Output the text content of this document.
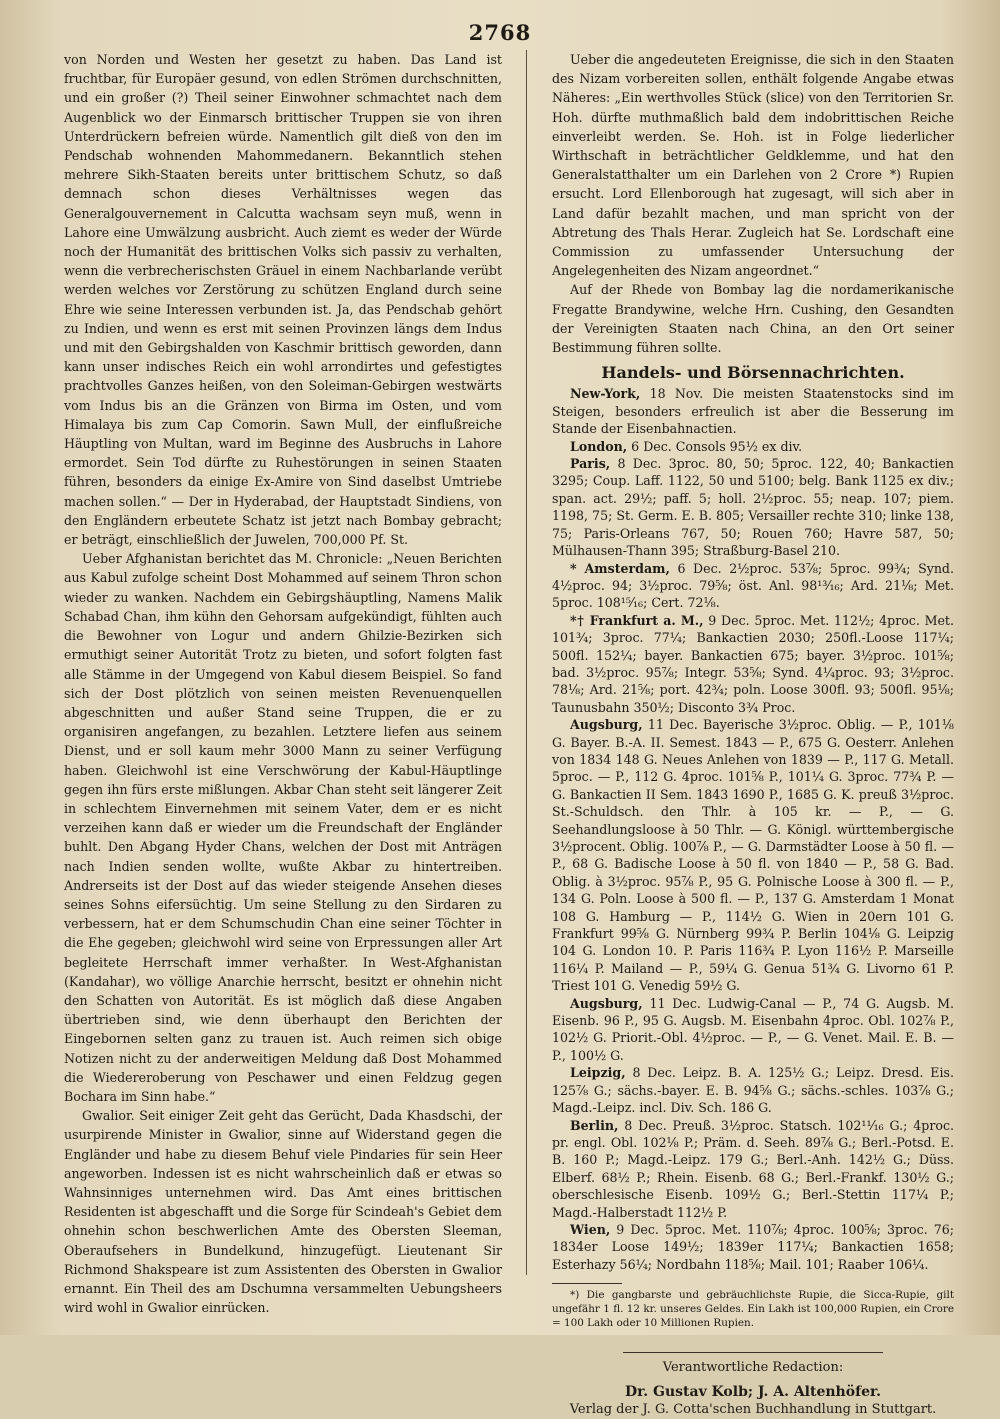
2768

von Norden und Westen her gesetzt zu haben. Das Land ist fruchtbar, für Europäer gesund, von edlen Strömen durchschnitten, und ein großer (?) Theil seiner Einwohner schmachtet nach dem Augenblick wo der Einmarsch brittischer Truppen sie von ihren Unterdrückern befreien würde. Namentlich gilt dieß von den im Pendschab wohnenden Mahommedanern. Bekanntlich stehen mehrere Sikh-Staaten bereits unter brittischem Schutz, so daß demnach schon dieses Verhältnisses wegen das Generalgouvernement in Calcutta wachsam seyn muß, wenn in Lahore eine Umwälzung ausbricht. Auch ziemt es weder der Würde noch der Humanität des brittischen Volks sich passiv zu verhalten, wenn die verbrecherischsten Gräuel in einem Nachbarlande verübt werden welches vor Zerstörung zu schützen England durch seine Ehre wie seine Interessen verbunden ist. Ja, das Pendschab gehört zu Indien, und wenn es erst mit seinen Provinzen längs dem Indus und mit den Gebirgshalden von Kaschmir brittisch geworden, dann kann unser indisches Reich ein wohl arrondirtes und gefestigtes prachtvolles Ganzes heißen, von den Soleiman-Gebirgen westwärts vom Indus bis an die Gränzen von Birma im Osten, und vom Himalaya bis zum Cap Comorin. Sawn Mull, der einflußreiche Häuptling von Multan, ward im Beginne des Ausbruchs in Lahore ermordet. Sein Tod dürfte zu Ruhestörungen in seinen Staaten führen, besonders da einige Ex-Amire von Sind daselbst Umtriebe machen sollen.“ — Der in Hyderabad, der Hauptstadt Sindiens, von den Engländern erbeutete Schatz ist jetzt nach Bombay gebracht; er beträgt, einschließlich der Juwelen, 700,000 Pf. St.

Ueber Afghanistan berichtet das M. Chronicle: „Neuen Berichten aus Kabul zufolge scheint Dost Mohammed auf seinem Thron schon wieder zu wanken. Nachdem ein Gebirgshäuptling, Namens Malik Schabad Chan, ihm kühn den Gehorsam aufgekündigt, fühlten auch die Bewohner von Logur und andern Ghilzie-Bezirken sich ermuthigt seiner Autorität Trotz zu bieten, und sofort folgten fast alle Stämme in der Umgegend von Kabul diesem Beispiel. So fand sich der Dost plötzlich von seinen meisten Revenuenquellen abgeschnitten und außer Stand seine Truppen, die er zu organisiren angefangen, zu bezahlen. Letztere liefen aus seinem Dienst, und er soll kaum mehr 3000 Mann zu seiner Verfügung haben. Gleichwohl ist eine Verschwörung der Kabul-Häuptlinge gegen ihn fürs erste mißlungen. Akbar Chan steht seit längerer Zeit in schlechtem Einvernehmen mit seinem Vater, dem er es nicht verzeihen kann daß er wieder um die Freundschaft der Engländer buhlt. Den Abgang Hyder Chans, welchen der Dost mit Anträgen nach Indien senden wollte, wußte Akbar zu hintertreiben. Andrerseits ist der Dost auf das wieder steigende Ansehen dieses seines Sohns eifersüchtig. Um seine Stellung zu den Sirdaren zu verbessern, hat er dem Schumschudin Chan eine seiner Töchter in die Ehe gegeben; gleichwohl wird seine von Erpressungen aller Art begleitete Herrschaft immer verhaßter. In West-Afghanistan (Kandahar), wo völlige Anarchie herrscht, besitzt er ohnehin nicht den Schatten von Autorität. Es ist möglich daß diese Angaben übertrieben sind, wie denn überhaupt den Berichten der Eingebornen selten ganz zu trauen ist. Auch reimen sich obige Notizen nicht zu der anderweitigen Meldung daß Dost Mohammed die Wiedereroberung von Peschawer und einen Feldzug gegen Bochara im Sinn habe.“

Gwalior. Seit einiger Zeit geht das Gerücht, Dada Khasdschi, der usurpirende Minister in Gwalior, sinne auf Widerstand gegen die Engländer und habe zu diesem Behuf viele Pindaries für sein Heer angeworben. Indessen ist es nicht wahrscheinlich daß er etwas so Wahnsinniges unternehmen wird. Das Amt eines brittischen Residenten ist abgeschafft und die Sorge für Scindeah's Gebiet dem ohnehin schon beschwerlichen Amte des Obersten Sleeman, Oberaufsehers in Bundelkund, hinzugefügt. Lieutenant Sir Richmond Shakspeare ist zum Assistenten des Obersten in Gwalior ernannt. Ein Theil des am Dschumna versammelten Uebungsheers wird wohl in Gwalior einrücken.

Ueber die angedeuteten Ereignisse, die sich in den Staaten des Nizam vorbereiten sollen, enthält folgende Angabe etwas Näheres: „Ein werthvolles Stück (slice) von den Territorien Sr. Hoh. dürfte muthmaßlich bald dem indobrittischen Reiche einverleibt werden. Se. Hoh. ist in Folge liederlicher Wirthschaft in beträchtlicher Geldklemme, und hat den Generalstatthalter um ein Darlehen von 2 Crore *) Rupien ersucht. Lord Ellenborough hat zugesagt, will sich aber in Land dafür bezahlt machen, und man spricht von der Abtretung des Thals Herar. Zugleich hat Se. Lordschaft eine Commission zu umfassender Untersuchung der Angelegenheiten des Nizam angeordnet.“

Auf der Rhede von Bombay lag die nordamerikanische Fregatte Brandywine, welche Hrn. Cushing, den Gesandten der Vereinigten Staaten nach China, an den Ort seiner Bestimmung führen sollte.

Handels- und Börsennachrichten.

New-York, 18 Nov. Die meisten Staatenstocks sind im Steigen, besonders erfreulich ist aber die Besserung im Stande der Eisenbahnactien.

London, 6 Dec. Consols 95½ ex div.

Paris, 8 Dec. 3proc. 80, 50; 5proc. 122, 40; Bankactien 3295; Coup. Laff. 1122, 50 und 5100; belg. Bank 1125 ex div.; span. act. 29½; paff. 5; holl. 2½proc. 55; neap. 107; piem. 1198, 75; St. Germ. E. B. 805; Versailler rechte 310; linke 138, 75; Paris-Orleans 767, 50; Rouen 760; Havre 587, 50; Mülhausen-Thann 395; Straßburg-Basel 210.

* Amsterdam, 6 Dec. 2½proc. 53⅞; 5proc. 99¾; Synd. 4½proc. 94; 3½proc. 79⅝; öst. Anl. 98¹³⁄₁₆; Ard. 21⅛; Met. 5proc. 108¹⁵⁄₁₆; Cert. 72⅛.

*† Frankfurt a. M., 9 Dec. 5proc. Met. 112½; 4proc. Met. 101¾; 3proc. 77¼; Bankactien 2030; 250fl.-Loose 117¼; 500fl. 152¼; bayer. Bankactien 675; bayer. 3½proc. 101⅝; bad. 3½proc. 95⅞; Integr. 53⅝; Synd. 4¼proc. 93; 3½proc. 78⅛; Ard. 21⅝; port. 42¾; poln. Loose 300fl. 93; 500fl. 95⅛; Taunusbahn 350½; Disconto 3¾ Proc.

Augsburg, 11 Dec. Bayerische 3½proc. Oblig. — P., 101⅛ G. Bayer. B.-A. II. Semest. 1843 — P., 675 G. Oesterr. Anlehen von 1834 148 G. Neues Anlehen von 1839 — P., 117 G. Metall. 5proc. — P., 112 G. 4proc. 101⅝ P., 101¼ G. 3proc. 77¾ P. — G. Bankactien II Sem. 1843 1690 P., 1685 G. K. preuß 3½proc. St.-Schuldsch. den Thlr. à 105 kr. — P., — G. Seehandlungsloose à 50 Thlr. — G. Königl. württembergische 3½procent. Oblig. 100⅞ P., — G. Darmstädter Loose à 50 fl. — P., 68 G. Badische Loose à 50 fl. von 1840 — P., 58 G. Bad. Oblig. à 3½proc. 95⅞ P., 95 G. Polnische Loose à 300 fl. — P., 134 G. Poln. Loose à 500 fl. — P., 137 G. Amsterdam 1 Monat 108 G. Hamburg — P., 114½ G. Wien in 20ern 101 G. Frankfurt 99⅝ G. Nürnberg 99¾ P. Berlin 104⅛ G. Leipzig 104 G. London 10. P. Paris 116¾ P. Lyon 116½ P. Marseille 116¼ P. Mailand — P., 59¼ G. Genua 51¾ G. Livorno 61 P. Triest 101 G. Venedig 59½ G.

Augsburg, 11 Dec. Ludwig-Canal — P., 74 G. Augsb. M. Eisenb. 96 P., 95 G. Augsb. M. Eisenbahn 4proc. Obl. 102⅞ P., 102½ G. Priorit.-Obl. 4½proc. — P., — G. Venet. Mail. E. B. — P., 100½ G.

Leipzig, 8 Dec. Leipz. B. A. 125½ G.; Leipz. Dresd. Eis. 125⅞ G.; sächs.-bayer. E. B. 94⅝ G.; sächs.-schles. 103⅞ G.; Magd.-Leipz. incl. Div. Sch. 186 G.

Berlin, 8 Dec. Preuß. 3½proc. Statsch. 102¹¹⁄₁₆ G.; 4proc. pr. engl. Obl. 102⅛ P.; Präm. d. Seeh. 89⅞ G.; Berl.-Potsd. E. B. 160 P.; Magd.-Leipz. 179 G.; Berl.-Anh. 142½ G.; Düss. Elberf. 68½ P.; Rhein. Eisenb. 68 G.; Berl.-Frankf. 130½ G.; oberschlesische Eisenb. 109½ G.; Berl.-Stettin 117¼ P.; Magd.-Halberstadt 112½ P.

Wien, 9 Dec. 5proc. Met. 110⅞; 4proc. 100⅝; 3proc. 76; 1834er Loose 149½; 1839er 117¼; Bankactien 1658; Esterhazy 56¼; Nordbahn 118⅝; Mail. 101; Raaber 106¼.

*) Die gangbarste und gebräuchlichste Rupie, die Sicca-Rupie, gilt ungefähr 1 fl. 12 kr. unseres Geldes. Ein Lakh ist 100,000 Rupien, ein Crore = 100 Lakh oder 10 Millionen Rupien.
Verantwortliche Redaction:
Dr. Gustav Kolb; J. A. Altenhöfer.
Verlag der J. G. Cotta'schen Buchhandlung in Stuttgart.
